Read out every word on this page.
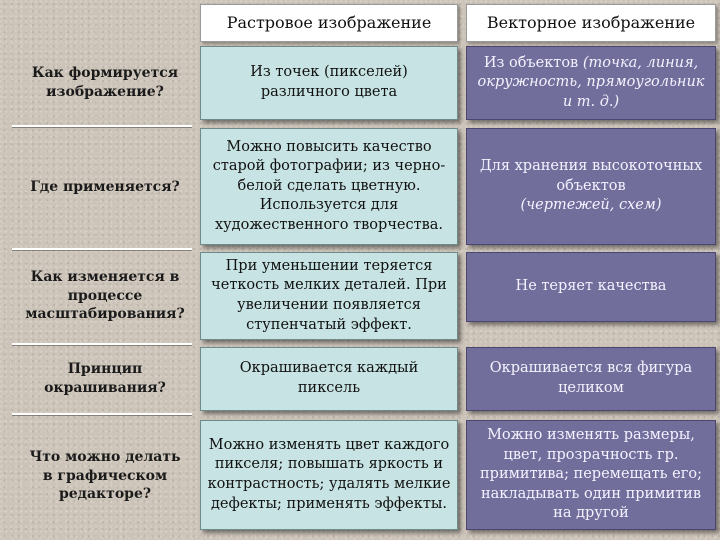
Растровое изображение	Векторное изображение
Как формируется изображение?
Из точек (пикселей) различного цвета
Из объектов (точка, линия, окружность, прямоугольник и т. д.)
Где применяется?
Можно повысить качество старой фотографии; из черно-белой сделать цветную. Используется для художественного творчества.
Для хранения высокоточных объектов
(чертежей, схем)
Как изменяется в процессе масштабирования?
При уменьшении теряется четкость мелких деталей. При увеличении появляется ступенчатый эффект.
Не теряет качества
Принцип окрашивания?
Окрашивается каждый пиксель
Окрашивается вся фигура целиком
Что можно делать в графическом редакторе?
Можно изменять цвет каждого пикселя; повышать яркость и контрастность; удалять мелкие дефекты; применять эффекты.
Можно изменять размеры, цвет, прозрачность гр. примитива; перемещать его; накладывать один примитив на другой
